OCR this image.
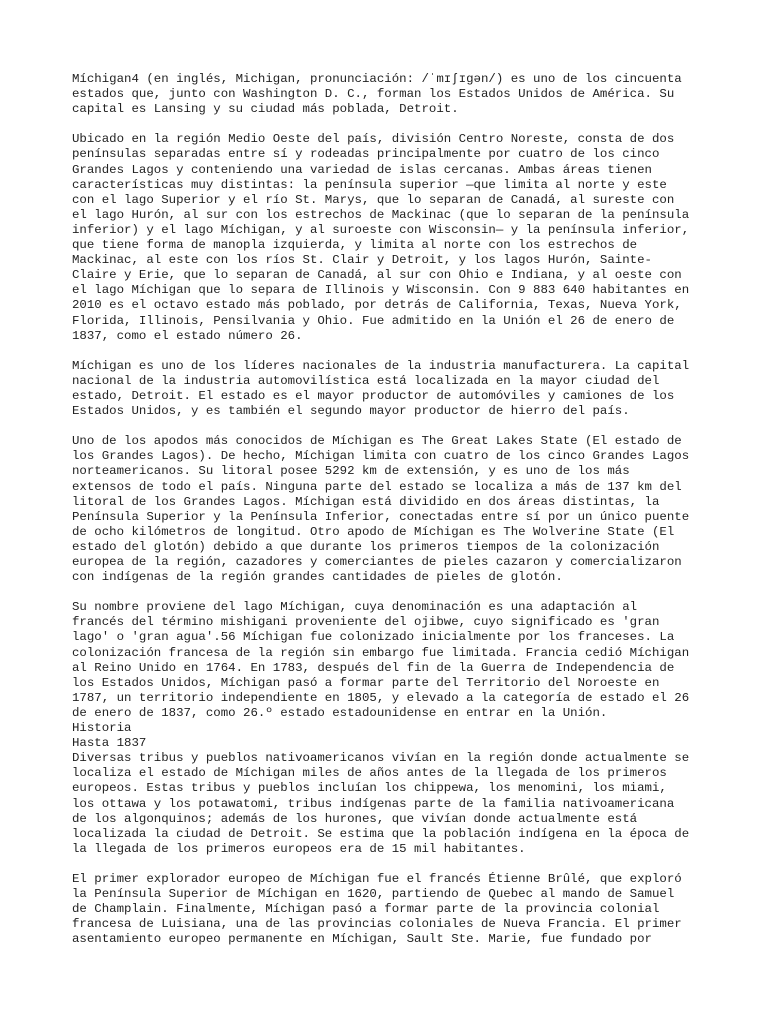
Míchigan4 (en inglés, Michigan, pronunciación: /ˈmɪʃɪgən/) es uno de los cincuenta
estados que, junto con Washington D. C., forman los Estados Unidos de América. Su
capital es Lansing y su ciudad más poblada, Detroit.

Ubicado en la región Medio Oeste del país, división Centro Noreste, consta de dos
penínsulas separadas entre sí y rodeadas principalmente por cuatro de los cinco
Grandes Lagos y conteniendo una variedad de islas cercanas. Ambas áreas tienen
características muy distintas: la península superior —que limita al norte y este
con el lago Superior y el río St. Marys, que lo separan de Canadá, al sureste con
el lago Hurón, al sur con los estrechos de Mackinac (que lo separan de la península
inferior) y el lago Míchigan, y al suroeste con Wisconsin— y la península inferior,
que tiene forma de manopla izquierda, y limita al norte con los estrechos de
Mackinac, al este con los ríos St. Clair y Detroit, y los lagos Hurón, Sainte-
Claire y Erie, que lo separan de Canadá, al sur con Ohio e Indiana, y al oeste con
el lago Míchigan que lo separa de Illinois y Wisconsin. Con 9 883 640 habitantes en
2010 es el octavo estado más poblado, por detrás de California, Texas, Nueva York,
Florida, Illinois, Pensilvania y Ohio. Fue admitido en la Unión el 26 de enero de
1837, como el estado número 26.

Míchigan es uno de los líderes nacionales de la industria manufacturera. La capital
nacional de la industria automovilística está localizada en la mayor ciudad del
estado, Detroit. El estado es el mayor productor de automóviles y camiones de los
Estados Unidos, y es también el segundo mayor productor de hierro del país.

Uno de los apodos más conocidos de Míchigan es The Great Lakes State (El estado de
los Grandes Lagos). De hecho, Míchigan limita con cuatro de los cinco Grandes Lagos
norteamericanos. Su litoral posee 5292 km de extensión, y es uno de los más
extensos de todo el país. Ninguna parte del estado se localiza a más de 137 km del
litoral de los Grandes Lagos. Míchigan está dividido en dos áreas distintas, la
Península Superior y la Península Inferior, conectadas entre sí por un único puente
de ocho kilómetros de longitud. Otro apodo de Míchigan es The Wolverine State (El
estado del glotón) debido a que durante los primeros tiempos de la colonización
europea de la región, cazadores y comerciantes de pieles cazaron y comercializaron
con indígenas de la región grandes cantidades de pieles de glotón.

Su nombre proviene del lago Míchigan, cuya denominación es una adaptación al
francés del término mishigani proveniente del ojibwe, cuyo significado es 'gran
lago' o 'gran agua'.56 Míchigan fue colonizado inicialmente por los franceses. La
colonización francesa de la región sin embargo fue limitada. Francia cedió Míchigan
al Reino Unido en 1764. En 1783, después del fin de la Guerra de Independencia de
los Estados Unidos, Míchigan pasó a formar parte del Territorio del Noroeste en
1787, un territorio independiente en 1805, y elevado a la categoría de estado el 26
de enero de 1837, como 26.º estado estadounidense en entrar en la Unión.

Historia

Hasta 1837

Diversas tribus y pueblos nativoamericanos vivían en la región donde actualmente se
localiza el estado de Míchigan miles de años antes de la llegada de los primeros
europeos. Estas tribus y pueblos incluían los chippewa, los menomini, los miami,
los ottawa y los potawatomi, tribus indígenas parte de la familia nativoamericana
de los algonquinos; además de los hurones, que vivían donde actualmente está
localizada la ciudad de Detroit. Se estima que la población indígena en la época de
la llegada de los primeros europeos era de 15 mil habitantes.

El primer explorador europeo de Míchigan fue el francés Étienne Brûlé, que exploró
la Península Superior de Míchigan en 1620, partiendo de Quebec al mando de Samuel
de Champlain. Finalmente, Míchigan pasó a formar parte de la provincia colonial
francesa de Luisiana, una de las provincias coloniales de Nueva Francia. El primer
asentamiento europeo permanente en Míchigan, Sault Ste. Marie, fue fundado por
